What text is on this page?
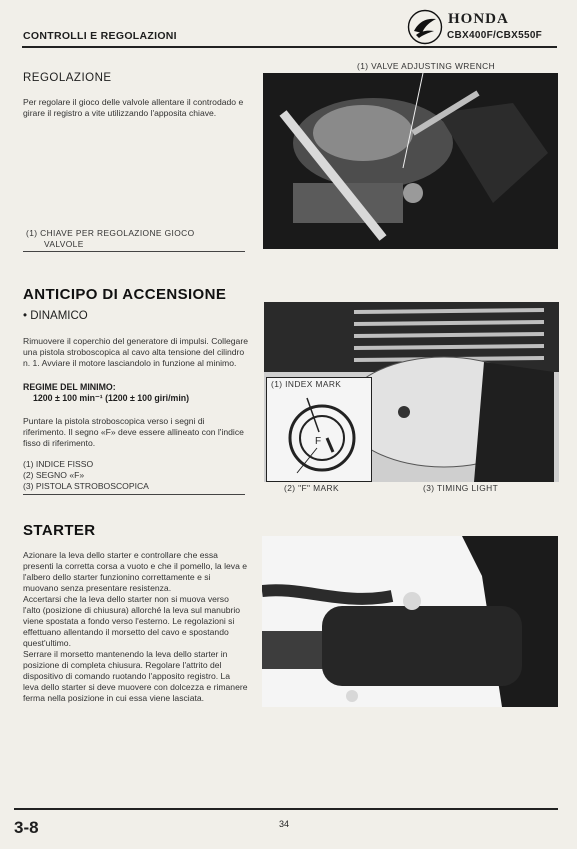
CONTROLLI E REGOLAZIONI
HONDA
CBX400F/CBX550F
REGOLAZIONE
Per regolare il gioco delle valvole allentare il controdado e girare il registro a vite utilizzando l'apposita chiave.
(1) CHIAVE PER REGOLAZIONE GIOCO
VALVOLE
(1) VALVE ADJUSTING WRENCH
ANTICIPO DI ACCENSIONE
• DINAMICO
Rimuovere il coperchio del generatore di impulsi. Collegare una pistola stroboscopica al cavo alta tensione del cilindro n. 1. Avviare il motore lasciandolo in funzione al minimo.
REGIME DEL MINIMO:
1200 ± 100 min⁻¹ (1200 ± 100 giri/min)
Puntare la pistola stroboscopica verso i segni di riferimento. Il segno «F» deve essere allineato con l'indice fisso di riferimento.
(1) INDICE FISSO
(2) SEGNO «F»
(3) PISTOLA STROBOSCOPICA
F
(1) INDEX MARK
(2) "F" MARK	(3) TIMING LIGHT
STARTER
Azionare la leva dello starter e controllare che essa presenti la corretta corsa a vuoto e che il pomello, la leva e l'albero dello starter funzionino correttamente e si muovano senza presentare resistenza.
Accertarsi che la leva dello starter non si muova verso l'alto (posizione di chiusura) allorché la leva sul manubrio viene spostata a fondo verso l'esterno. Le regolazioni si effettuano allentando il morsetto del cavo e spostando quest'ultimo.
Serrare il morsetto mantenendo la leva dello starter in posizione di completa chiusura. Regolare l'attrito del dispositivo di comando ruotando l'apposito registro. La leva dello starter si deve muovere con dolcezza e rimanere ferma nella posizione in cui essa viene lasciata.
3-8	34
